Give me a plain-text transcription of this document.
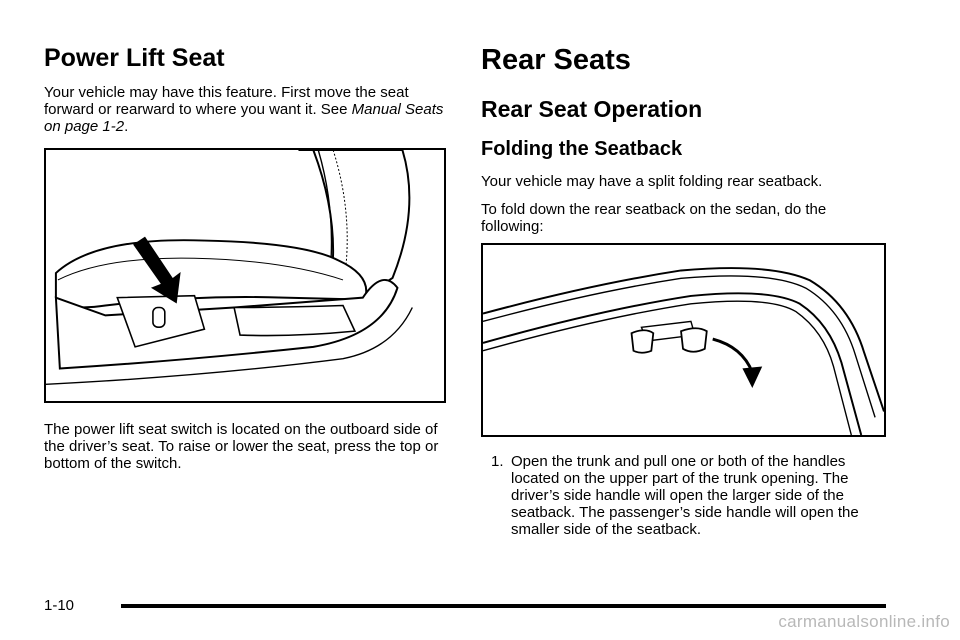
Power Lift Seat

Your vehicle may have this feature. First move the seat forward or rearward to where you want it. See Manual Seats on page 1-2.

The power lift seat switch is located on the outboard side of the driver’s seat. To raise or lower the seat, press the top or bottom of the switch.

Rear Seats
Rear Seat Operation
Folding the Seatback

Your vehicle may have a split folding rear seatback.

To fold down the rear seatback on the sedan, do the following:

1. Open the trunk and pull one or both of the handles located on the upper part of the trunk opening. The driver’s side handle will open the larger side of the seatback. The passenger’s side handle will open the smaller side of the seatback.
1-10
carmanualsonline.info
